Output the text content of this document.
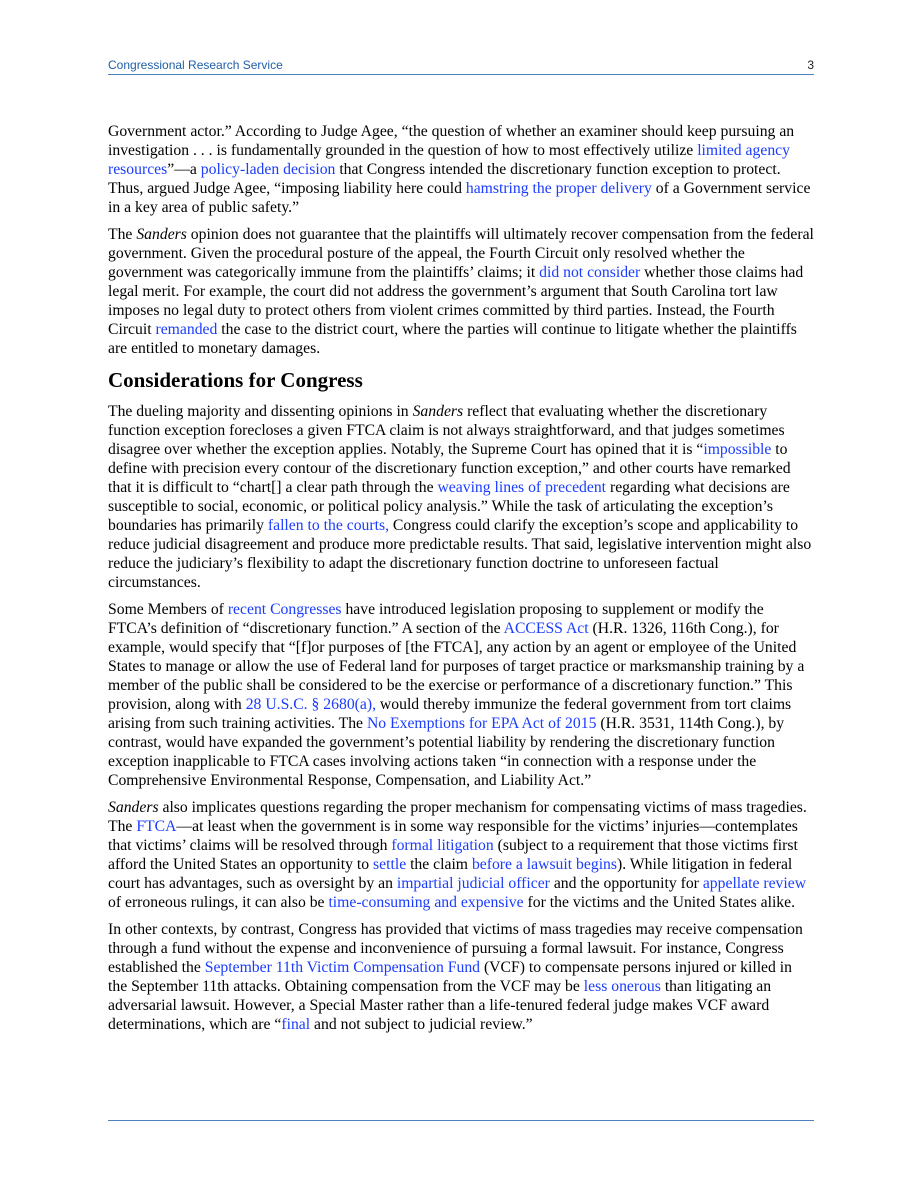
Congressional Research Service	3

Government actor.” According to Judge Agee, “the question of whether an examiner should keep pursuing an investigation . . . is fundamentally grounded in the question of how to most effectively utilize limited agency resources”—a policy-laden decision that Congress intended the discretionary function exception to protect. Thus, argued Judge Agee, “imposing liability here could hamstring the proper delivery of a Government service in a key area of public safety.”

The Sanders opinion does not guarantee that the plaintiffs will ultimately recover compensation from the federal government. Given the procedural posture of the appeal, the Fourth Circuit only resolved whether the government was categorically immune from the plaintiffs’ claims; it did not consider whether those claims had legal merit. For example, the court did not address the government’s argument that South Carolina tort law imposes no legal duty to protect others from violent crimes committed by third parties. Instead, the Fourth Circuit remanded the case to the district court, where the parties will continue to litigate whether the plaintiffs are entitled to monetary damages.

Considerations for Congress

The dueling majority and dissenting opinions in Sanders reflect that evaluating whether the discretionary function exception forecloses a given FTCA claim is not always straightforward, and that judges sometimes disagree over whether the exception applies. Notably, the Supreme Court has opined that it is “impossible to define with precision every contour of the discretionary function exception,” and other courts have remarked that it is difficult to “chart[] a clear path through the weaving lines of precedent regarding what decisions are susceptible to social, economic, or political policy analysis.” While the task of articulating the exception’s boundaries has primarily fallen to the courts, Congress could clarify the exception’s scope and applicability to reduce judicial disagreement and produce more predictable results. That said, legislative intervention might also reduce the judiciary’s flexibility to adapt the discretionary function doctrine to unforeseen factual circumstances.

Some Members of recent Congresses have introduced legislation proposing to supplement or modify the FTCA’s definition of “discretionary function.” A section of the ACCESS Act (H.R. 1326, 116th Cong.), for example, would specify that “[f]or purposes of [the FTCA], any action by an agent or employee of the United States to manage or allow the use of Federal land for purposes of target practice or marksmanship training by a member of the public shall be considered to be the exercise or performance of a discretionary function.” This provision, along with 28 U.S.C. § 2680(a), would thereby immunize the federal government from tort claims arising from such training activities. The No Exemptions for EPA Act of 2015 (H.R. 3531, 114th Cong.), by contrast, would have expanded the government’s potential liability by rendering the discretionary function exception inapplicable to FTCA cases involving actions taken “in connection with a response under the Comprehensive Environmental Response, Compensation, and Liability Act.”

Sanders also implicates questions regarding the proper mechanism for compensating victims of mass tragedies. The FTCA—at least when the government is in some way responsible for the victims’ injuries—contemplates that victims’ claims will be resolved through formal litigation (subject to a requirement that those victims first afford the United States an opportunity to settle the claim before a lawsuit begins). While litigation in federal court has advantages, such as oversight by an impartial judicial officer and the opportunity for appellate review of erroneous rulings, it can also be time-consuming and expensive for the victims and the United States alike.

In other contexts, by contrast, Congress has provided that victims of mass tragedies may receive compensation through a fund without the expense and inconvenience of pursuing a formal lawsuit. For instance, Congress established the September 11th Victim Compensation Fund (VCF) to compensate persons injured or killed in the September 11th attacks. Obtaining compensation from the VCF may be less onerous than litigating an adversarial lawsuit. However, a Special Master rather than a life-tenured federal judge makes VCF award determinations, which are “final and not subject to judicial review.”
